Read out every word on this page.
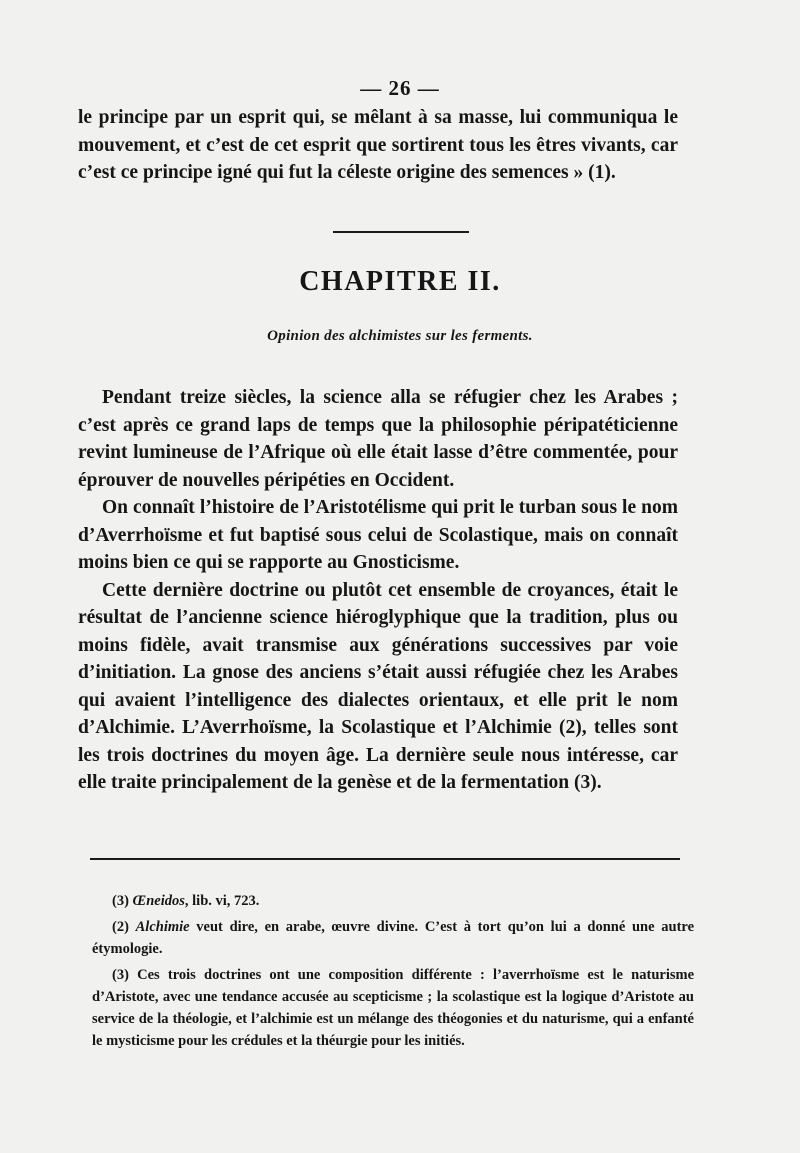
— 26 —

le principe par un esprit qui, se mêlant à sa masse, lui communiqua le mouvement, et c’est de cet esprit que sortirent tous les êtres vivants, car c’est ce principe igné qui fut la céleste origine des semences » (1).

CHAPITRE II.
Opinion des alchimistes sur les ferments.

Pendant treize siècles, la science alla se réfugier chez les Arabes ; c’est après ce grand laps de temps que la philosophie péripatéticienne revint lumineuse de l’Afrique où elle était lasse d’être commentée, pour éprouver de nouvelles péripéties en Occident.

On connaît l’histoire de l’Aristotélisme qui prit le turban sous le nom d’Averrhoïsme et fut baptisé sous celui de Scolastique, mais on connaît moins bien ce qui se rapporte au Gnosticisme.

Cette dernière doctrine ou plutôt cet ensemble de croyances, était le résultat de l’ancienne science hiéroglyphique que la tradition, plus ou moins fidèle, avait transmise aux générations successives par voie d’initiation. La gnose des anciens s’était aussi réfugiée chez les Arabes qui avaient l’intelligence des dialectes orientaux, et elle prit le nom d’Alchimie. L’Averrhoïsme, la Scolastique et l’Alchimie (2), telles sont les trois doctrines du moyen âge. La dernière seule nous intéresse, car elle traite principalement de la genèse et de la fermentation (3).

(3) Œneidos, lib. vi, 723.

(2) Alchimie veut dire, en arabe, œuvre divine. C’est à tort qu’on lui a donné une autre étymologie.

(3) Ces trois doctrines ont une composition différente : l’averrhoïsme est le naturisme d’Aristote, avec une tendance accusée au scepticisme ; la scolastique est la logique d’Aristote au service de la théologie, et l’alchimie est un mélange des théogonies et du naturisme, qui a enfanté le mysticisme pour les crédules et la théurgie pour les initiés.
